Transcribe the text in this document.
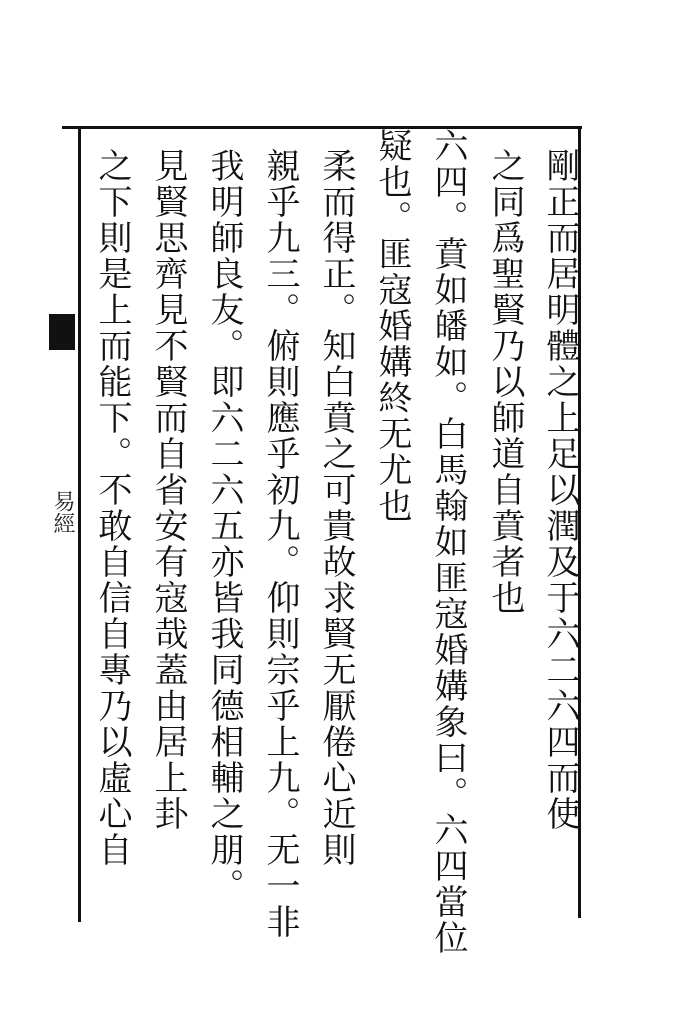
易經	剛正而居明體之上足以潤及于六二六四而使
之同爲聖賢乃以師道自賁者也
六四。賁如皤如。白馬翰如匪寇婚媾象曰。六四當位
疑也。匪寇婚媾終无尤也
柔而得正。知白賁之可貴故求賢无厭倦心近則
親乎九三。俯則應乎初九。仰則宗乎上九。无一非
我明師良友。即六二六五亦皆我同德相輔之朋。
見賢思齊見不賢而自省安有寇哉蓋由居上卦
之下則是上而能下。不敢自信自專乃以虛心自
